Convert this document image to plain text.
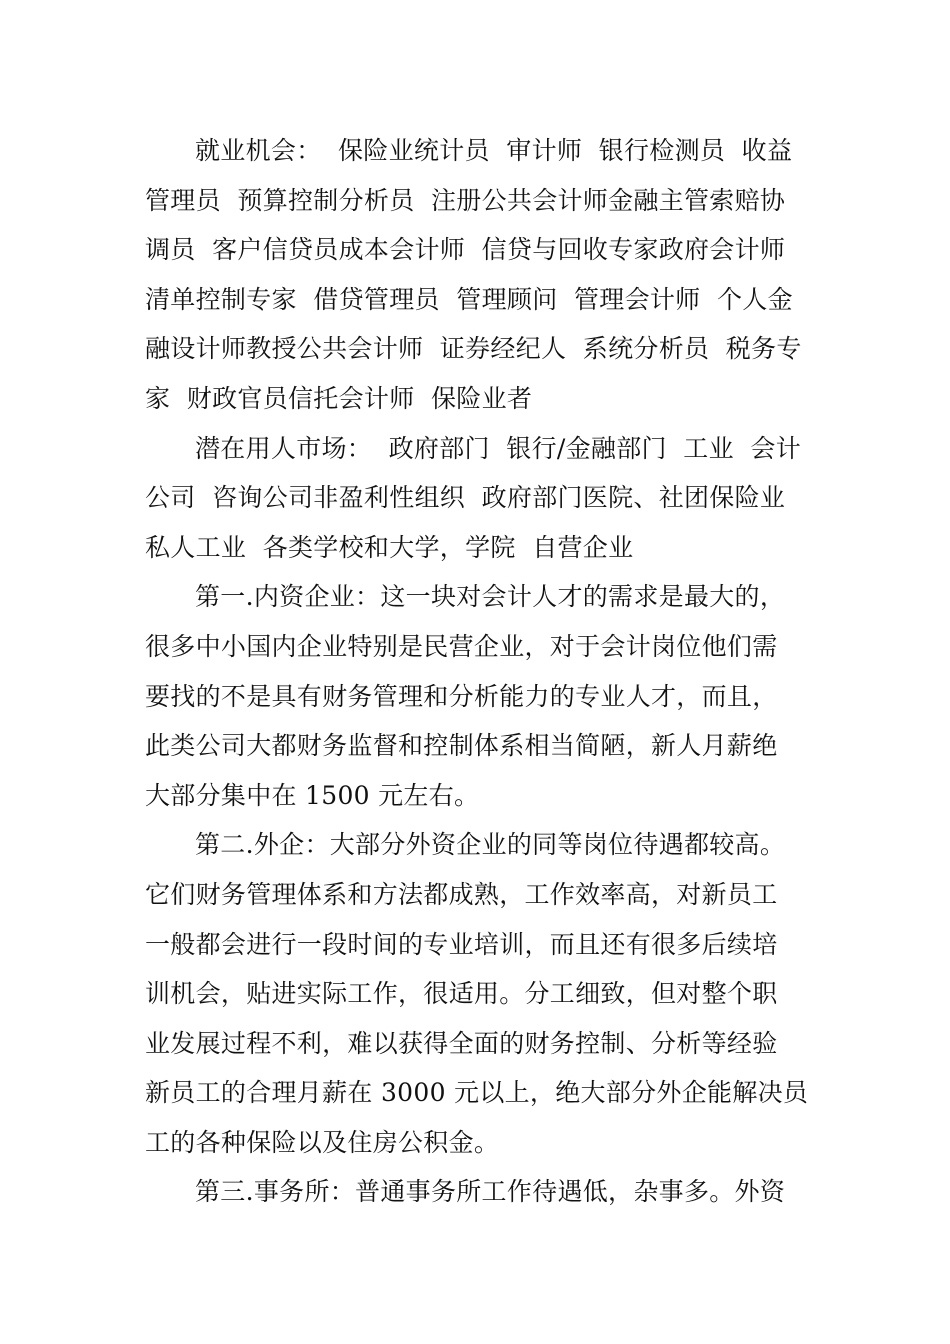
就业机会：  保险业统计员  审计师  银行检测员  收益
管理员  预算控制分析员  注册公共会计师金融主管索赔协
调员  客户信贷员成本会计师  信贷与回收专家政府会计师
清单控制专家  借贷管理员  管理顾问  管理会计师  个人金
融设计师教授公共会计师  证券经纪人  系统分析员  税务专
家  财政官员信托会计师  保险业者
潜在用人市场：  政府部门  银行/金融部门  工业  会计
公司  咨询公司非盈利性组织  政府部门医院、社团保险业
私人工业  各类学校和大学，学院  自营企业
第一.内资企业：这一块对会计人才的需求是最大的，
很多中小国内企业特别是民营企业，对于会计岗位他们需
要找的不是具有财务管理和分析能力的专业人才，而且，
此类公司大都财务监督和控制体系相当简陋，新人月薪绝
大部分集中在 1500 元左右。
第二.外企：大部分外资企业的同等岗位待遇都较高。
它们财务管理体系和方法都成熟，工作效率高，对新员工
一般都会进行一段时间的专业培训，而且还有很多后续培
训机会，贴进实际工作，很适用。分工细致，但对整个职
业发展过程不利，难以获得全面的财务控制、分析等经验
新员工的合理月薪在 3000 元以上，绝大部分外企能解决员
工的各种保险以及住房公积金。
第三.事务所：普通事务所工作待遇低，杂事多。外资
